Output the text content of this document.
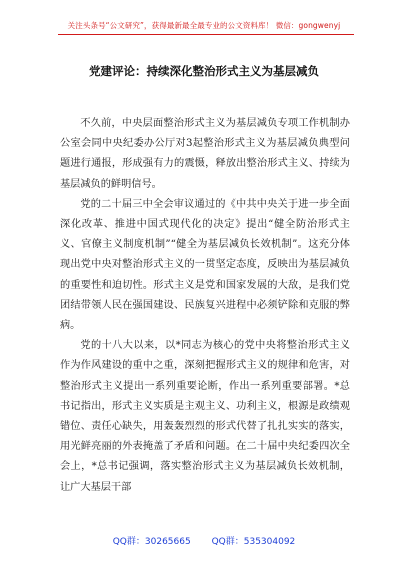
关注头条号“公文研究”，获得最新最全最专业的公文资料库！ 微信：gongwenyj
党建评论：持续深化整治形式主义为基层减负

不久前，中央层面整治形式主义为基层减负专项工作机制办公室会同中央纪委办公厅对3起整治形式主义为基层减负典型问题进行通报，形成强有力的震慑，释放出整治形式主义、持续为基层减负的鲜明信号。

党的二十届三中全会审议通过的《中共中央关于进一步全面深化改革、推进中国式现代化的决定》提出“健全防治形式主义、官僚主义制度机制”“健全为基层减负长效机制”。这充分体现出党中央对整治形式主义的一贯坚定态度，反映出为基层减负的重要性和迫切性。形式主义是党和国家发展的大敌，是我们党团结带领人民在强国建设、民族复兴进程中必须铲除和克服的弊病。

党的十八大以来，以*同志为核心的党中央将整治形式主义作为作风建设的重中之重，深刻把握形式主义的规律和危害，对整治形式主义提出一系列重要论断，作出一系列重要部署。*总书记指出，形式主义实质是主观主义、功利主义，根源是政绩观错位、责任心缺失，用轰轰烈烈的形式代替了扎扎实实的落实，用光鲜亮丽的外表掩盖了矛盾和问题。在二十届中央纪委四次全会上，*总书记强调，落实整治形式主义为基层减负长效机制，让广大基层干部

QQ群：30265665 QQ群：535304092
